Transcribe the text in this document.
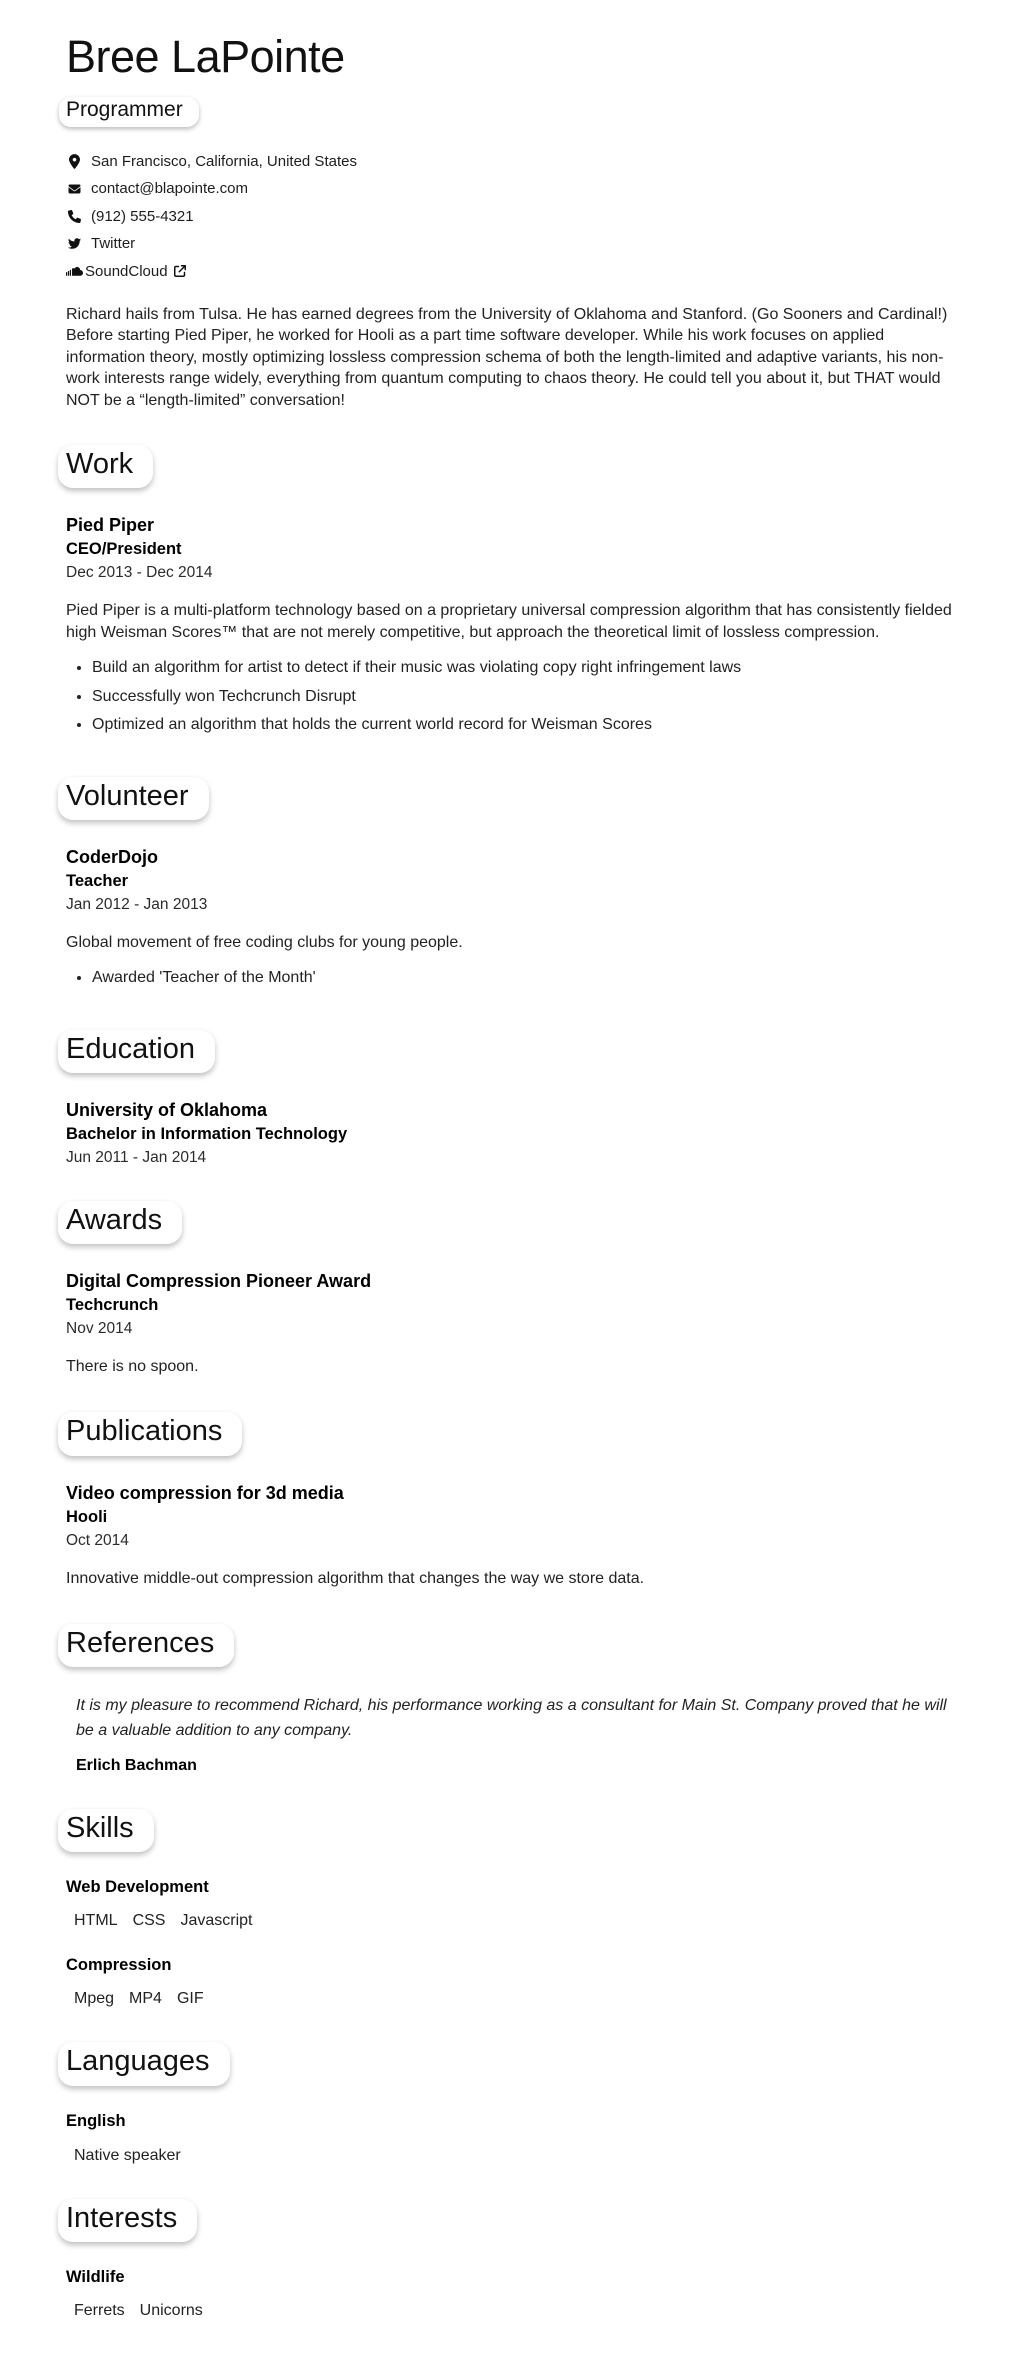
Bree LaPointe
Programmer
San Francisco, California, United States
contact@blapointe.com
(912) 555-4321
Twitter
SoundCloud

Richard hails from Tulsa. He has earned degrees from the University of Oklahoma and Stanford. (Go Sooners and Cardinal!) Before starting Pied Piper, he worked for Hooli as a part time software developer. While his work focuses on applied information theory, mostly optimizing lossless compression schema of both the length-limited and adaptive variants, his non-work interests range widely, everything from quantum computing to chaos theory. He could tell you about it, but THAT would NOT be a “length-limited” conversation!

Work
Pied Piper
CEO/President
Dec 2013 - Dec 2014

Pied Piper is a multi-platform technology based on a proprietary universal compression algorithm that has consistently fielded high Weisman Scores™ that are not merely competitive, but approach the theoretical limit of lossless compression.

• Build an algorithm for artist to detect if their music was violating copy right infringement laws
• Successfully won Techcrunch Disrupt
• Optimized an algorithm that holds the current world record for Weisman Scores
Volunteer
CoderDojo
Teacher
Jan 2012 - Jan 2013

Global movement of free coding clubs for young people.

• Awarded 'Teacher of the Month'
Education
University of Oklahoma
Bachelor in Information Technology
Jun 2011 - Jan 2014
Awards
Digital Compression Pioneer Award
Techcrunch
Nov 2014

There is no spoon.

Publications
Video compression for 3d media
Hooli
Oct 2014

Innovative middle-out compression algorithm that changes the way we store data.

References
It is my pleasure to recommend Richard, his performance working as a consultant for Main St. Company proved that he will be a valuable addition to any company.
Erlich Bachman
Skills
Web Development
HTML CSS Javascript
Compression
Mpeg MP4 GIF
Languages
English
Native speaker
Interests
Wildlife
Ferrets Unicorns
